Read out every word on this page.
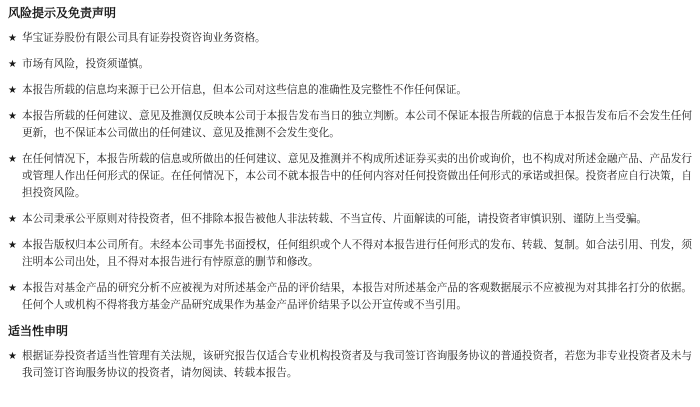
风险提示及免责声明
★ 华宝证券股份有限公司具有证券投资咨询业务资格。
★ 市场有风险，投资须谨慎。
★ 本报告所载的信息均来源于已公开信息，但本公司对这些信息的准确性及完整性不作任何保证。
★ 本报告所载的任何建议、意见及推测仅反映本公司于本报告发布当日的独立判断。本公司不保证本报告所载的信息于本报告发布后不会发生任何更新，也不保证本公司做出的任何建议、意见及推测不会发生变化。
★ 在任何情况下，本报告所载的信息或所做出的任何建议、意见及推测并不构成所述证券买卖的出价或询价，也不构成对所述金融产品、产品发行或管理人作出任何形式的保证。在任何情况下，本公司不就本报告中的任何内容对任何投资做出任何形式的承诺或担保。投资者应自行决策，自担投资风险。
★ 本公司秉承公平原则对待投资者，但不排除本报告被他人非法转载、不当宣传、片面解读的可能，请投资者审慎识别、谨防上当受骗。
★ 本报告版权归本公司所有。未经本公司事先书面授权，任何组织或个人不得对本报告进行任何形式的发布、转载、复制。如合法引用、刊发，须注明本公司出处，且不得对本报告进行有悖原意的删节和修改。
★ 本报告对基金产品的研究分析不应被视为对所述基金产品的评价结果，本报告对所述基金产品的客观数据展示不应被视为对其排名打分的依据。任何个人或机构不得将我方基金产品研究成果作为基金产品评价结果予以公开宣传或不当引用。
适当性申明
★ 根据证券投资者适当性管理有关法规，该研究报告仅适合专业机构投资者及与我司签订咨询服务协议的普通投资者，若您为非专业投资者及未与我司签订咨询服务协议的投资者，请勿阅读、转载本报告。
